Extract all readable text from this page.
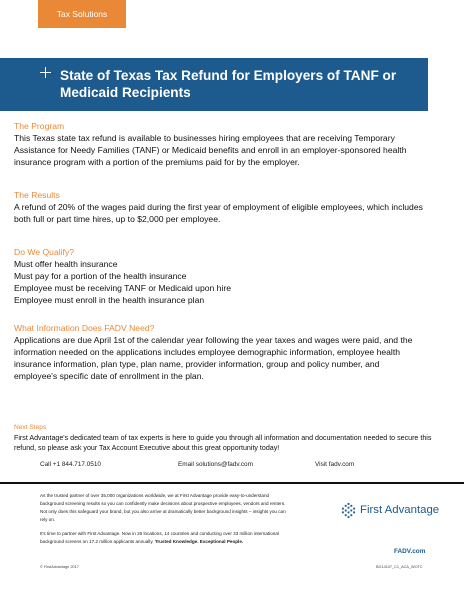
Tax Solutions
State of Texas Tax Refund for Employers of TANF or Medicaid Recipients
The Program
This Texas state tax refund is available to businesses hiring employees that are receiving Temporary Assistance for Needy Families (TANF) or Medicaid benefits and enroll in an employer-sponsored health insurance program with a portion of the premiums paid for by the employer.
The Results
A refund of 20% of the wages paid during the first year of employment of eligible employees, which includes both full or part time hires, up to $2,000 per employee.
Do We Qualify?
Must offer health insurance
Must pay for a portion of the health insurance
Employee must be receiving TANF or Medicaid upon hire
Employee must enroll in the health insurance plan
What Information Does FADV Need?
Applications are due April 1st of the calendar year following the year taxes and wages were paid, and the information needed on the applications includes employee demographic information, employee health insurance information, plan type, plan name, provider information, group and policy number, and employee's specific date of enrollment in the plan.
Next Steps
First Advantage's dedicated team of tax experts is here to guide you through all information and documentation needed to secure this refund, so please ask your Tax Account Executive about this great opportunity today!
Call +1 844.717.0510	Email solutions@fadv.com	Visit fadv.com
As the trusted partner of over 35,000 organizations worldwide, we at First Advantage provide easy-to-understand background screening results so you can confidently make decisions about prospective employees, vendors and renters. Not only does this safeguard your brand, but you also arrive at dramatically better background insights – insights you can rely on.
It's time to partner with First Advantage. Now in 26 locations, 14 countries and conducting over 33 million international background screens on 17.2 million applicants annually. Trusted Knowledge. Exceptional People.
First Advantage
FADV.com
© FirstAdvantage 2017	BG14107_C1_ACA_WOTC
